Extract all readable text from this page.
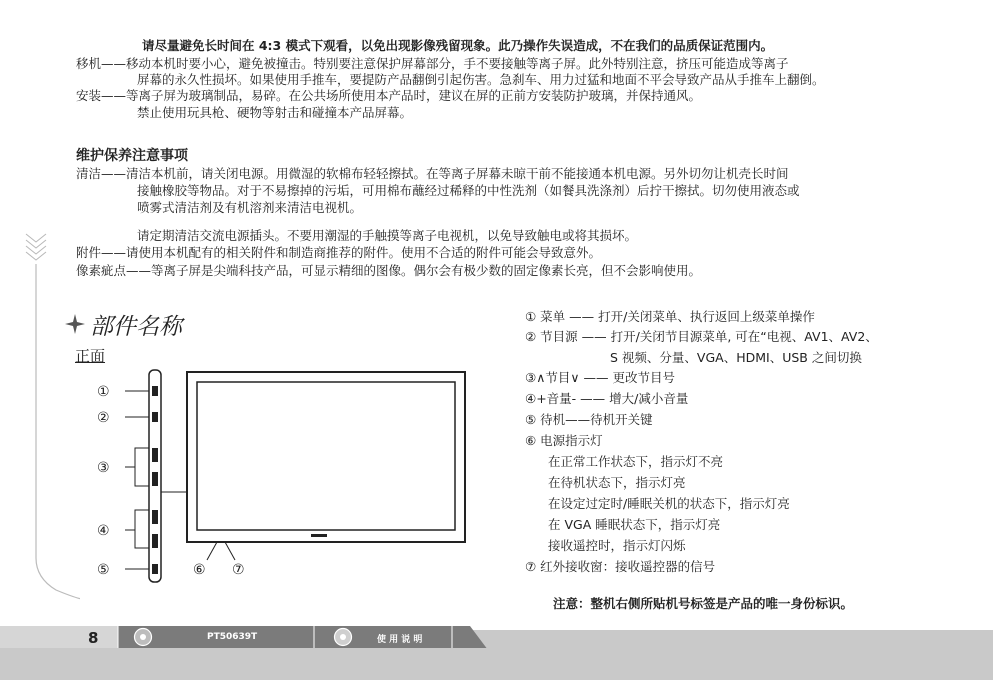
请尽量避免长时间在 4:3 模式下观看，以免出现影像残留现象。此乃操作失误造成，不在我们的品质保证范围内。
移机——移动本机时要小心，避免被撞击。特别要注意保护屏幕部分，手不要接触等离子屏。此外特别注意，挤压可能造成等离子
屏幕的永久性损坏。如果使用手推车，要提防产品翻倒引起伤害。急刹车、用力过猛和地面不平会导致产品从手推车上翻倒。
安装——等离子屏为玻璃制品，易碎。在公共场所使用本产品时，建议在屏的正前方安装防护玻璃，并保持通风。
禁止使用玩具枪、硬物等射击和碰撞本产品屏幕。
维护保养注意事项
清洁——清洁本机前，请关闭电源。用微湿的软棉布轻轻擦拭。在等离子屏幕未晾干前不能接通本机电源。另外切勿让机壳长时间
接触橡胶等物品。对于不易擦掉的污垢，可用棉布蘸经过稀释的中性洗剂（如餐具洗涤剂）后拧干擦拭。切勿使用液态或
喷雾式清洁剂及有机溶剂来清洁电视机。
请定期清洁交流电源插头。不要用潮湿的手触摸等离子电视机，以免导致触电或将其损坏。
附件——请使用本机配有的相关附件和制造商推荐的附件。使用不合适的附件可能会导致意外。
像素疵点——等离子屏是尖端科技产品，可显示精细的图像。偶尔会有极少数的固定像素长亮，但不会影响使用。
部件名称
正面
①
②
③
④
⑤	⑥ ⑦
① 菜单 —— 打开/关闭菜单、执行返回上级菜单操作
② 节目源 —— 打开/关闭节目源菜单, 可在“电视、AV1、AV2、
S 视频、分量、VGA、HDMI、USB 之间切换
③∧节目∨ —— 更改节目号
④+音量- —— 增大/减小音量
⑤ 待机——待机开关键
⑥ 电源指示灯
在正常工作状态下，指示灯不亮
在待机状态下，指示灯亮
在设定过定时/睡眠关机的状态下，指示灯亮
在 VGA 睡眠状态下，指示灯亮
接收遥控时，指示灯闪烁
⑦ 红外接收窗：接收遥控器的信号
注意：整机右侧所贴机号标签是产品的唯一身份标识。
8	PT50639T	使 用 说 明
